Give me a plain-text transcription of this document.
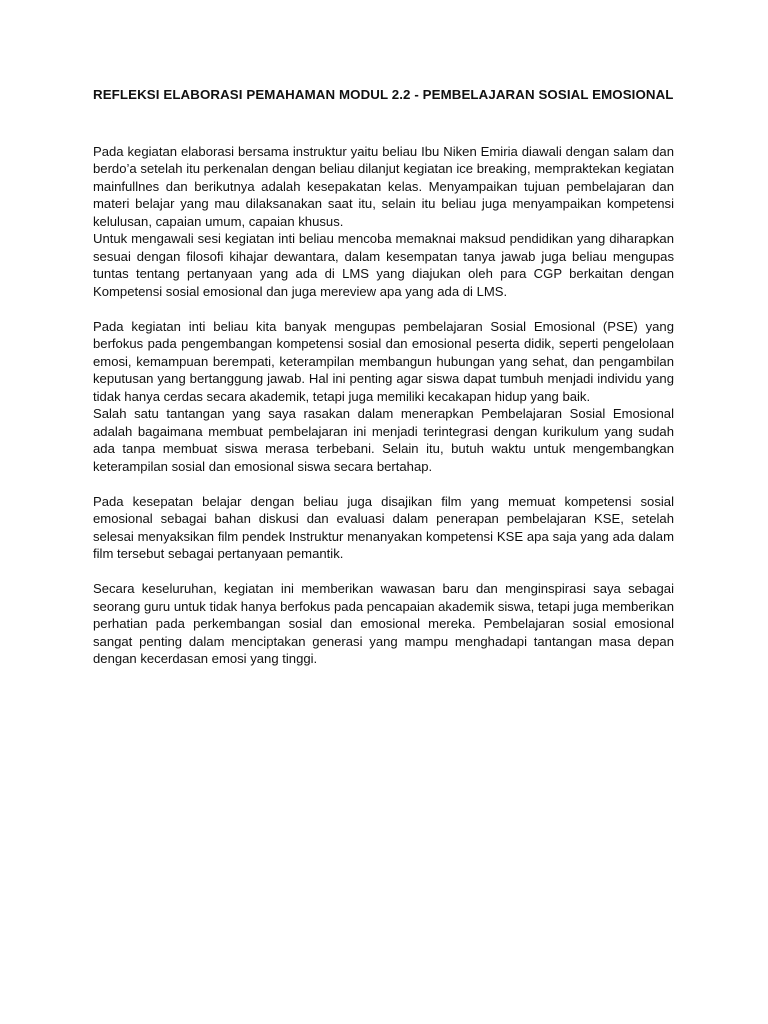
REFLEKSI ELABORASI PEMAHAMAN MODUL 2.2 - PEMBELAJARAN SOSIAL EMOSIONAL

Pada kegiatan elaborasi bersama instruktur yaitu beliau Ibu Niken Emiria diawali dengan salam dan berdo’a setelah itu perkenalan dengan beliau dilanjut kegiatan ice breaking, mempraktekan kegiatan mainfullnes dan berikutnya adalah kesepakatan kelas. Menyampaikan tujuan pembelajaran dan materi belajar yang mau dilaksanakan saat itu, selain itu beliau juga menyampaikan kompetensi kelulusan, capaian umum, capaian khusus.

Untuk mengawali sesi kegiatan inti beliau mencoba memaknai maksud pendidikan yang diharapkan sesuai dengan filosofi kihajar dewantara, dalam kesempatan tanya jawab juga beliau mengupas tuntas tentang pertanyaan yang ada di LMS yang diajukan oleh para CGP berkaitan dengan Kompetensi sosial emosional dan juga mereview apa yang ada di LMS.

Pada kegiatan inti beliau kita banyak mengupas pembelajaran Sosial Emosional (PSE) yang berfokus pada pengembangan kompetensi sosial dan emosional peserta didik, seperti pengelolaan emosi, kemampuan berempati, keterampilan membangun hubungan yang sehat, dan pengambilan keputusan yang bertanggung jawab. Hal ini penting agar siswa dapat tumbuh menjadi individu yang tidak hanya cerdas secara akademik, tetapi juga memiliki kecakapan hidup yang baik.

Salah satu tantangan yang saya rasakan dalam menerapkan Pembelajaran Sosial Emosional adalah bagaimana membuat pembelajaran ini menjadi terintegrasi dengan kurikulum yang sudah ada tanpa membuat siswa merasa terbebani. Selain itu, butuh waktu untuk mengembangkan keterampilan sosial dan emosional siswa secara bertahap.

Pada kesepatan belajar dengan beliau juga disajikan film yang memuat kompetensi sosial emosional sebagai bahan diskusi dan evaluasi dalam penerapan pembelajaran KSE, setelah selesai menyaksikan film pendek Instruktur menanyakan kompetensi KSE apa saja yang ada dalam film tersebut sebagai pertanyaan pemantik.

Secara keseluruhan, kegiatan ini memberikan wawasan baru dan menginspirasi saya sebagai seorang guru untuk tidak hanya berfokus pada pencapaian akademik siswa, tetapi juga memberikan perhatian pada perkembangan sosial dan emosional mereka. Pembelajaran sosial emosional sangat penting dalam menciptakan generasi yang mampu menghadapi tantangan masa depan dengan kecerdasan emosi yang tinggi.
